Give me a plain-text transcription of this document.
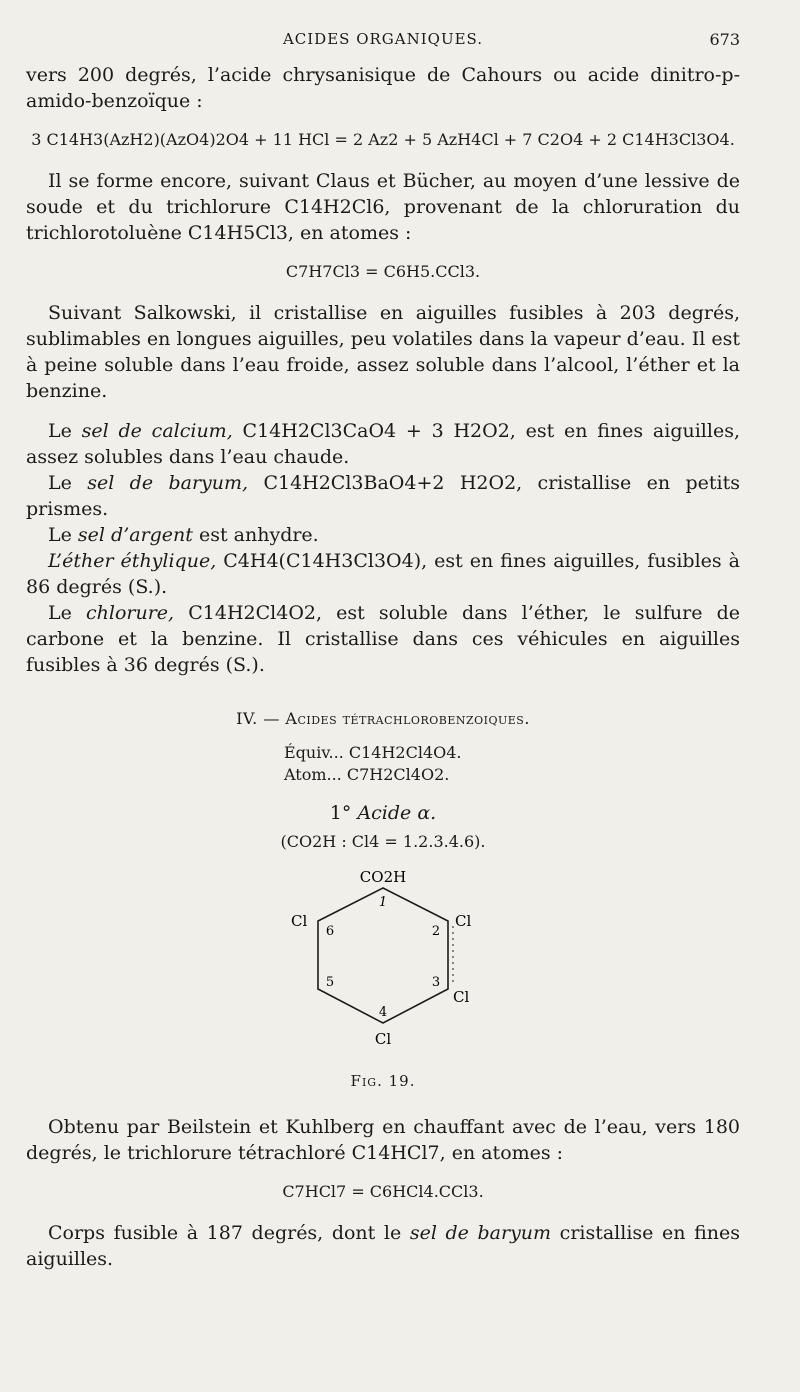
ACIDES ORGANIQUES.	673

vers 200 degrés, l’acide chrysanisique de Cahours ou acide dinitro-p-amido-benzoïque :

3 C14H3(AzH2)(AzO4)2O4 + 11 HCl = 2 Az2 + 5 AzH4Cl + 7 C2O4 + 2 C14H3Cl3O4.

Il se forme encore, suivant Claus et Bücher, au moyen d’une lessive de soude et du trichlorure C14H2Cl6, provenant de la chloruration du trichlorotoluène C14H5Cl3, en atomes :

C7H7Cl3 = C6H5.CCl3.

Suivant Salkowski, il cristallise en aiguilles fusibles à 203 degrés, sublimables en longues aiguilles, peu volatiles dans la vapeur d’eau. Il est à peine soluble dans l’eau froide, assez soluble dans l’alcool, l’éther et la benzine.

Le sel de calcium, C14H2Cl3CaO4 + 3 H2O2, est en fines aiguilles, assez solubles dans l’eau chaude.

Le sel de baryum, C14H2Cl3BaO4+2 H2O2, cristallise en petits prismes.

Le sel d’argent est anhydre.

L’éther éthylique, C4H4(C14H3Cl3O4), est en fines aiguilles, fusibles à 86 degrés (S.).

Le chlorure, C14H2Cl4O2, est soluble dans l’éther, le sulfure de carbone et la benzine. Il cristallise dans ces véhicules en aiguilles fusibles à 36 degrés (S.).

IV. — Acides tétrachlorobenzoiques.
Équiv... C14H2Cl4O4.
Atom... C7H2Cl4O2.
1° Acide α.
(CO2H : Cl4 = 1.2.3.4.6).
CO2H
Cl	Cl
Cl
Cl
1
2
3
4
5
6
Fig. 19.

Obtenu par Beilstein et Kuhlberg en chauffant avec de l’eau, vers 180 degrés, le trichlorure tétrachloré C14HCl7, en atomes :

C7HCl7 = C6HCl4.CCl3.

Corps fusible à 187 degrés, dont le sel de baryum cristallise en fines aiguilles.
